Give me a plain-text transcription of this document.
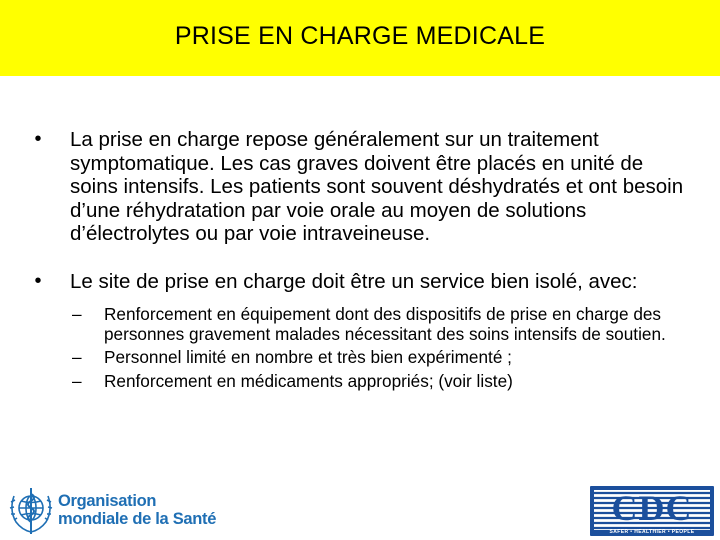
PRISE EN CHARGE MEDICALE
•	La prise en charge repose généralement sur un traitement symptomatique. Les cas graves doivent être placés en unité de soins intensifs. Les patients sont souvent déshydratés et ont besoin d’une réhydratation par voie orale au moyen de solutions d’électrolytes ou par voie intraveineuse.
•	Le site de prise en charge doit être un service bien isolé, avec:
– Renforcement en équipement dont des dispositifs de prise en charge des personnes gravement malades nécessitant des soins intensifs de soutien.
– Personnel limité en nombre et très bien expérimenté ;
– Renforcement en médicaments appropriés; (voir liste)
Organisation
mondiale de la Santé	CDC
SAFER • HEALTHIER • PEOPLE
